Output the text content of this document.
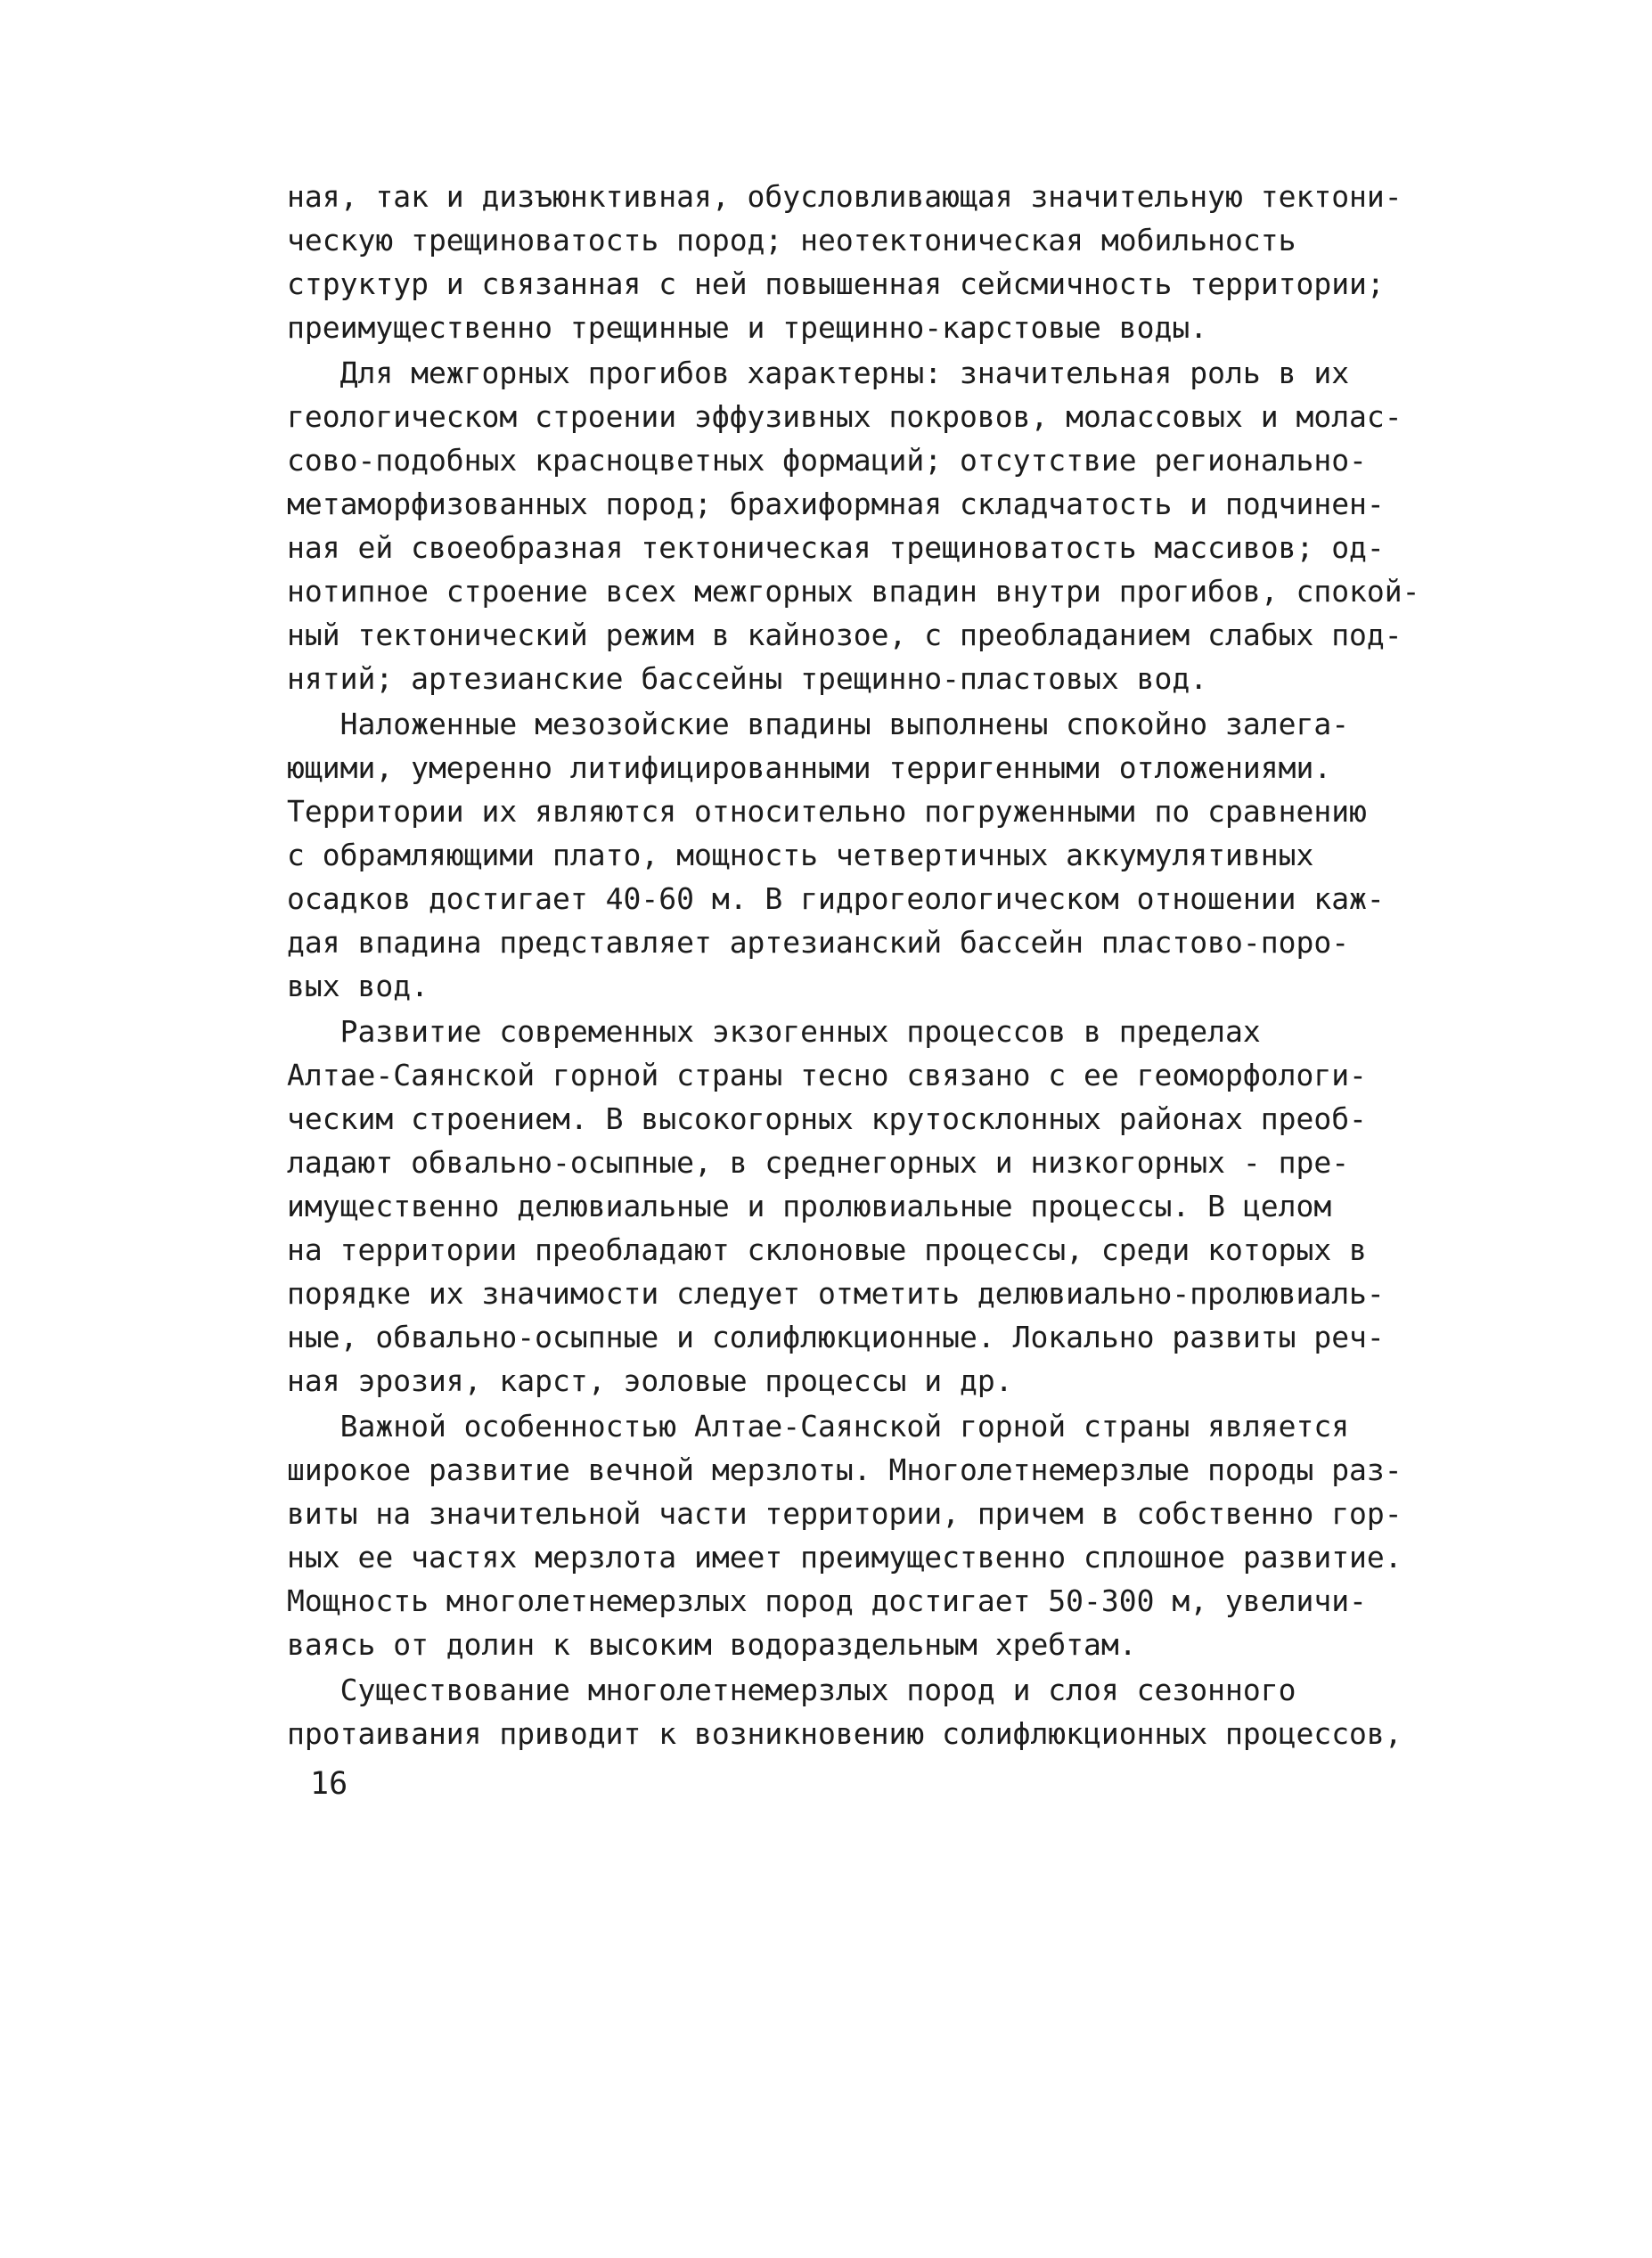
ная, так и дизъюнктивная, обусловливающая значительную тектони-
ческую трещиноватость пород; неотектоническая мобильность
структур и связанная с ней повышенная сейсмичность территории;
преимущественно трещинные и трещинно-карстовые воды.
Для межгорных прогибов характерны: значительная роль в их
геологическом строении эффузивных покровов, молассовых и молас-
сово-подобных красноцветных формаций; отсутствие регионально-
метаморфизованных пород; брахиформная складчатость и подчинен-
ная ей своеобразная тектоническая трещиноватость массивов; од-
нотипное строение всех межгорных впадин внутри прогибов, спокой-
ный тектонический режим в кайнозое, с преобладанием слабых под-
нятий; артезианские бассейны трещинно-пластовых вод.
Наложенные мезозойские впадины выполнены спокойно залега-
ющими, умеренно литифицированными терригенными отложениями.
Территории их являются относительно погруженными по сравнению
с обрамляющими плато, мощность четвертичных аккумулятивных
осадков достигает 40-60 м. В гидрогеологическом отношении каж-
дая впадина представляет артезианский бассейн пластово-поро-
вых вод.
Развитие современных экзогенных процессов в пределах
Алтае-Саянской горной страны тесно связано с ее геоморфологи-
ческим строением. В высокогорных крутосклонных районах преоб-
ладают обвально-осыпные, в среднегорных и низкогорных - пре-
имущественно делювиальные и пролювиальные процессы. В целом
на территории преобладают склоновые процессы, среди которых в
порядке их значимости следует отметить делювиально-пролювиаль-
ные, обвально-осыпные и солифлюкционные. Локально развиты реч-
ная эрозия, карст, эоловые процессы и др.
Важной особенностью Алтае-Саянской горной страны является
широкое развитие вечной мерзлоты. Многолетнемерзлые породы раз-
виты на значительной части территории, причем в собственно гор-
ных ее частях мерзлота имеет преимущественно сплошное развитие.
Мощность многолетнемерзлых пород достигает 50-300 м, увеличи-
ваясь от долин к высоким водораздельным хребтам.
Существование многолетнемерзлых пород и слоя сезонного
протаивания приводит к возникновению солифлюкционных процессов,
16
